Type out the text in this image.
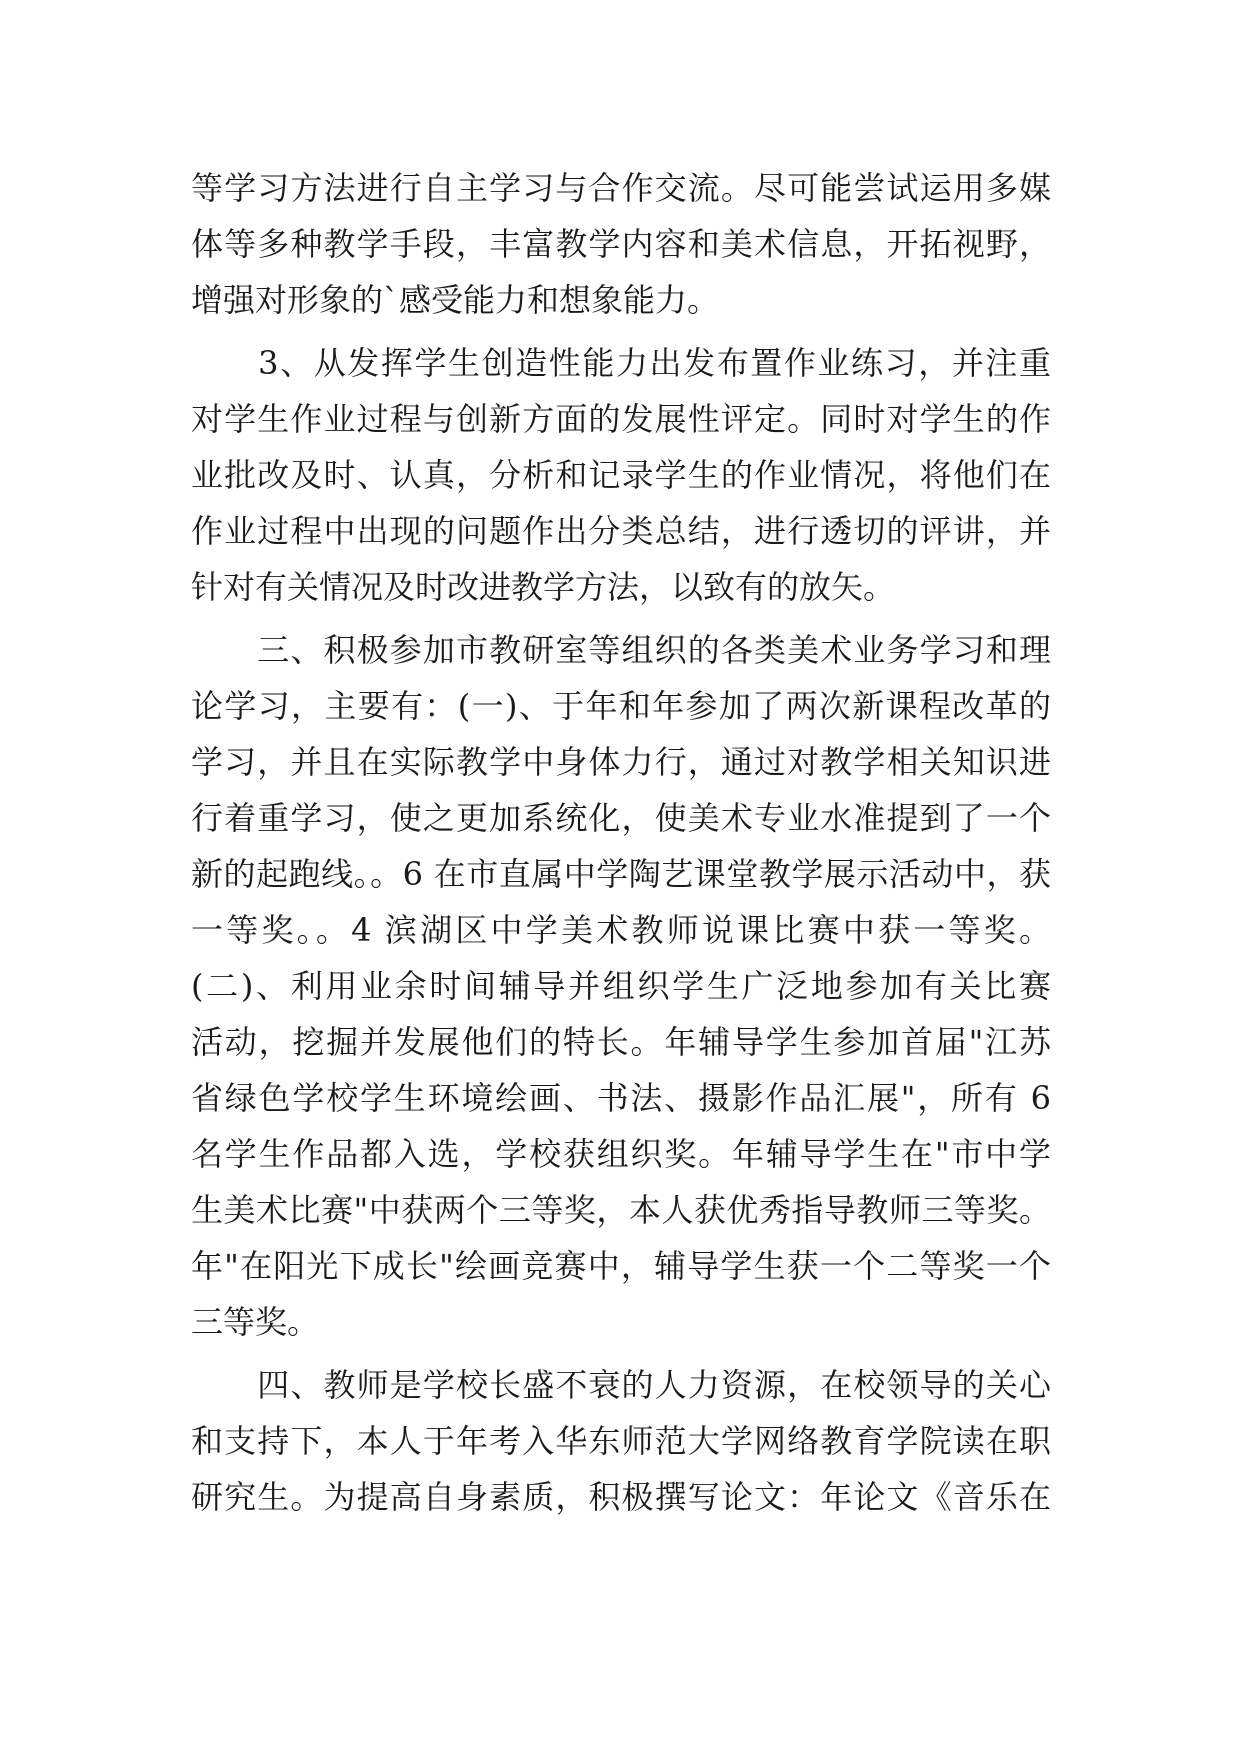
等学习方法进行自主学习与合作交流。尽可能尝试运用多媒
体等多种教学手段，丰富教学内容和美术信息，开拓视野，
增强对形象的`感受能力和想象能力。
　　3、从发挥学生创造性能力出发布置作业练习，并注重
对学生作业过程与创新方面的发展性评定。同时对学生的作
业批改及时、认真，分析和记录学生的作业情况，将他们在
作业过程中出现的问题作出分类总结，进行透切的评讲，并
针对有关情况及时改进教学方法，以致有的放矢。
　　三、积极参加市教研室等组织的各类美术业务学习和理
论学习，主要有：(一)、于年和年参加了两次新课程改革的
学习，并且在实际教学中身体力行，通过对教学相关知识进
行着重学习，使之更加系统化，使美术专业水准提到了一个
新的起跑线。。6 在市直属中学陶艺课堂教学展示活动中，获
一等奖。。4 滨湖区中学美术教师说课比赛中获一等奖。
(二)、利用业余时间辅导并组织学生广泛地参加有关比赛
活动，挖掘并发展他们的特长。年辅导学生参加首届"江苏
省绿色学校学生环境绘画、书法、摄影作品汇展"，所有 6
名学生作品都入选，学校获组织奖。年辅导学生在"市中学
生美术比赛"中获两个三等奖，本人获优秀指导教师三等奖。
年"在阳光下成长"绘画竞赛中，辅导学生获一个二等奖一个
三等奖。
　　四、教师是学校长盛不衰的人力资源，在校领导的关心
和支持下，本人于年考入华东师范大学网络教育学院读在职
研究生。为提高自身素质，积极撰写论文：年论文《音乐在
